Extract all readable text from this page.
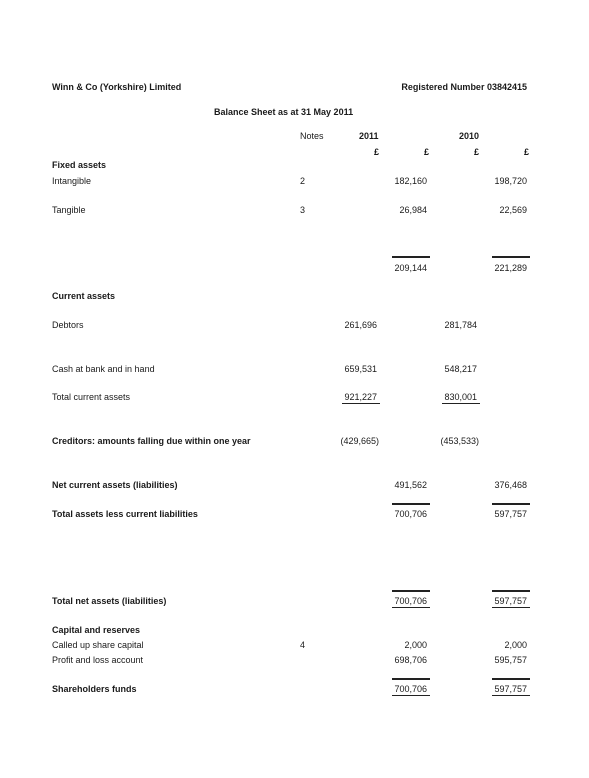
Winn & Co (Yorkshire) Limited	Registered Number 03842415
Balance Sheet as at 31 May 2011
Notes	2011	2010
£	£	£	£
Fixed assets
Intangible	2	182,160	198,720
Tangible	3	26,984	22,569
209,144	221,289
Current assets
Debtors	261,696	281,784
Cash at bank and in hand	659,531	548,217
Total current assets	921,227	830,001
Creditors: amounts falling due within one year	(429,665)	(453,533)
Net current assets (liabilities)	491,562	376,468
Total assets less current liabilities	700,706	597,757
Total net assets (liabilities)	700,706	597,757
Capital and reserves
Called up share capital	4	2,000	2,000
Profit and loss account	698,706	595,757
Shareholders funds	700,706	597,757
